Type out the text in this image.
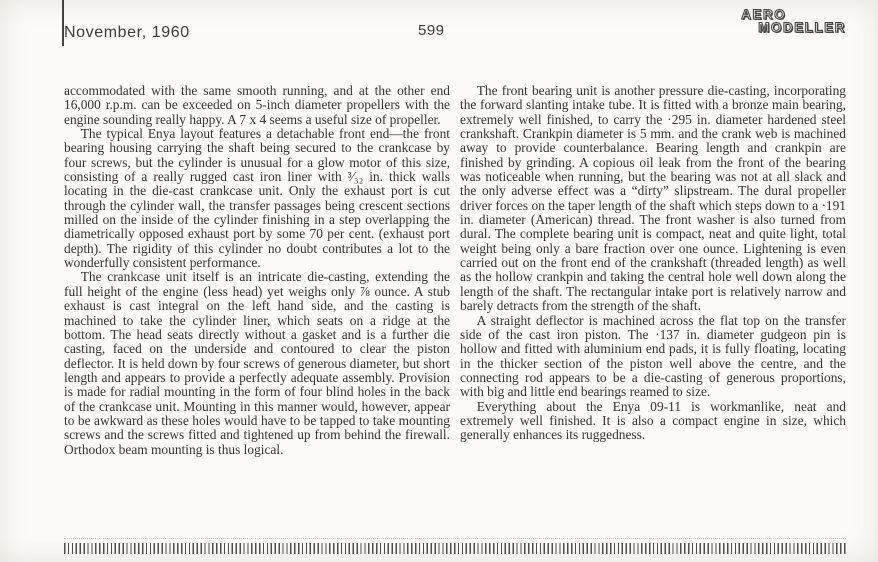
November, 1960	599
AERO
MODELLER

accommodated with the same smooth running, and at the other end 16,000 r.p.m. can be exceeded on 5-inch diameter propellers with the engine sounding really happy. A 7 x 4 seems a useful size of propeller.

The typical Enya layout features a detachable front end—the front bearing housing carrying the shaft being secured to the crankcase by four screws, but the cylinder is unusual for a glow motor of this size, consisting of a really rugged cast iron liner with ³⁄₃₂ in. thick walls locating in the die-cast crankcase unit. Only the exhaust port is cut through the cylinder wall, the transfer passages being crescent sections milled on the inside of the cylinder finishing in a step overlapping the diametrically opposed exhaust port by some 70 per cent. (exhaust port depth). The rigidity of this cylinder no doubt contributes a lot to the wonderfully consistent performance.

The crankcase unit itself is an intricate die-casting, extending the full height of the engine (less head) yet weighs only ⅞ ounce. A stub exhaust is cast integral on the left hand side, and the casting is machined to take the cylinder liner, which seats on a ridge at the bottom. The head seats directly without a gasket and is a further die casting, faced on the underside and contoured to clear the piston deflector. It is held down by four screws of generous diameter, but short length and appears to provide a perfectly adequate assembly. Provision is made for radial mounting in the form of four blind holes in the back of the crankcase unit. Mounting in this manner would, however, appear to be awkward as these holes would have to be tapped to take mounting screws and the screws fitted and tightened up from behind the firewall. Orthodox beam mounting is thus logical.

The front bearing unit is another pressure die-casting, incorporating the forward slanting intake tube. It is fitted with a bronze main bearing, extremely well finished, to carry the ·295 in. diameter hardened steel crankshaft. Crankpin diameter is 5 mm. and the crank web is machined away to provide counterbalance. Bearing length and crankpin are finished by grinding. A copious oil leak from the front of the bearing was noticeable when running, but the bearing was not at all slack and the only adverse effect was a “dirty” slipstream. The dural propeller driver forces on the taper length of the shaft which steps down to a ·191 in. diameter (American) thread. The front washer is also turned from dural. The complete bearing unit is compact, neat and quite light, total weight being only a bare fraction over one ounce. Lightening is even carried out on the front end of the crankshaft (threaded length) as well as the hollow crankpin and taking the central hole well down along the length of the shaft. The rectangular intake port is relatively narrow and barely detracts from the strength of the shaft.

A straight deflector is machined across the flat top on the transfer side of the cast iron piston. The ·137 in. diameter gudgeon pin is hollow and fitted with aluminium end pads, it is fully floating, locating in the thicker section of the piston well above the centre, and the connecting rod appears to be a die-casting of generous proportions, with big and little end bearings reamed to size.

Everything about the Enya 09-11 is workmanlike, neat and extremely well finished. It is also a compact engine in size, which generally enhances its ruggedness.
